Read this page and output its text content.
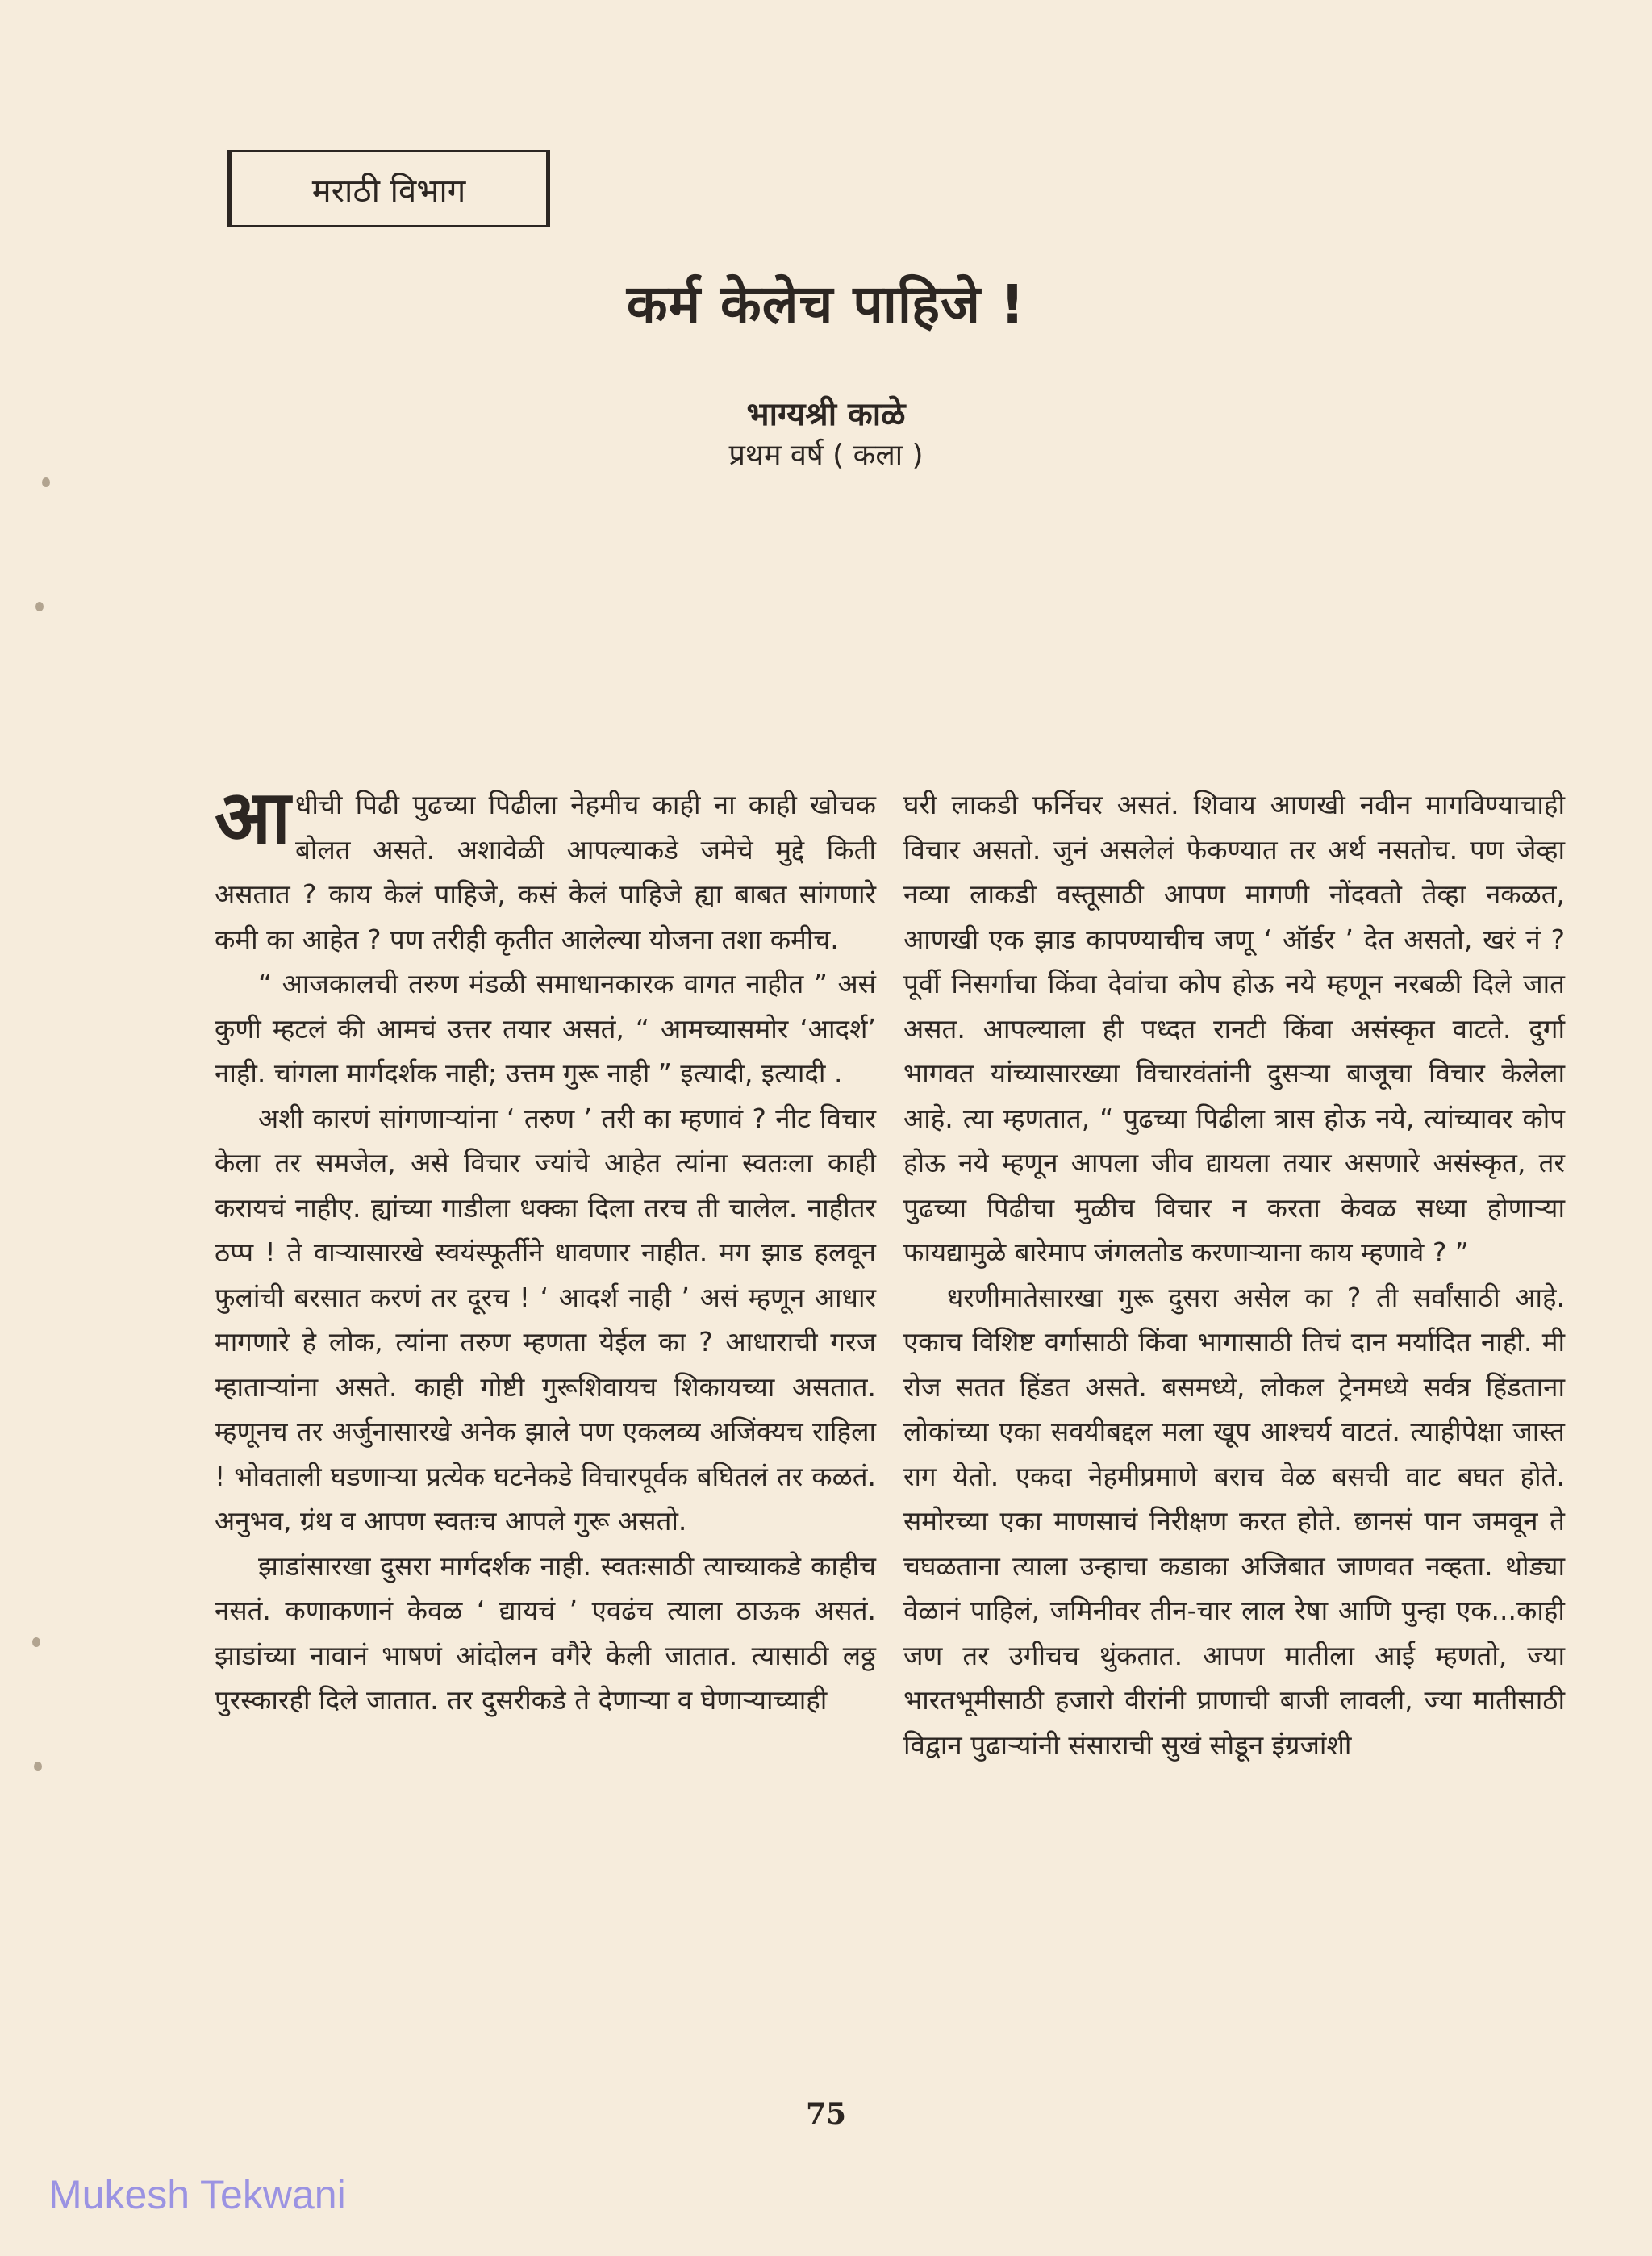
मराठी विभाग
कर्म केलेच पाहिजे !
भाग्यश्री काळे
प्रथम वर्ष ( कला )

आधीची पिढी पुढच्या पिढीला नेहमीच काही ना काही खोचक बोलत असते. अशावेळी आपल्याकडे जमेचे मुद्दे किती असतात ? काय केलं पाहिजे, कसं केलं पाहिजे ह्या बाबत सांगणारे कमी का आहेत ? पण तरीही कृतीत आलेल्या योजना तशा कमीच.

“ आजकालची तरुण मंडळी समाधानकारक वागत नाहीत ” असं कुणी म्हटलं की आमचं उत्तर तयार असतं, “ आमच्यासमोर ‘आदर्श’ नाही. चांगला मार्गदर्शक नाही; उत्तम गुरू नाही ” इत्यादी, इत्यादी .

अशी कारणं सांगणाऱ्यांना ‘ तरुण ’ तरी का म्हणावं ? नीट विचार केला तर समजेल, असे विचार ज्यांचे आहेत त्यांना स्वतःला काही करायचं नाहीए. ह्यांच्या गाडीला धक्का दिला तरच ती चालेल. नाहीतर ठप्प ! ते वाऱ्यासारखे स्वयंस्फूर्तीने धावणार नाहीत. मग झाड हलवून फुलांची बरसात करणं तर दूरच ! ‘ आदर्श नाही ’ असं म्हणून आधार मागणारे हे लोक, त्यांना तरुण म्हणता येईल का ? आधाराची गरज म्हाताऱ्यांना असते. काही गोष्टी गुरूशिवायच शिकायच्या असतात. म्हणूनच तर अर्जुनासारखे अनेक झाले पण एकलव्य अजिंक्यच राहिला ! भोवताली घडणाऱ्या प्रत्येक घटनेकडे विचारपूर्वक बघितलं तर कळतं. अनुभव, ग्रंथ व आपण स्वतःच आपले गुरू असतो.

झाडांसारखा दुसरा मार्गदर्शक नाही. स्वतःसाठी त्याच्याकडे काहीच नसतं. कणाकणानं केवळ ‘ द्यायचं ’ एवढंच त्याला ठाऊक असतं. झाडांच्या नावानं भाषणं आंदोलन वगैरे केली जातात. त्यासाठी लठ्ठ पुरस्कारही दिले जातात. तर दुसरीकडे ते देणाऱ्या व घेणाऱ्याच्याही

घरी लाकडी फर्निचर असतं. शिवाय आणखी नवीन मागविण्याचाही विचार असतो. जुनं असलेलं फेकण्यात तर अर्थ नसतोच. पण जेव्हा नव्या लाकडी वस्तूसाठी आपण मागणी नोंदवतो तेव्हा नकळत, आणखी एक झाड कापण्याचीच जणू ‘ ऑर्डर ’ देत असतो, खरं नं ? पूर्वी निसर्गाचा किंवा देवांचा कोप होऊ नये म्हणून नरबळी दिले जात असत. आपल्याला ही पध्दत रानटी किंवा असंस्कृत वाटते. दुर्गा भागवत यांच्यासारख्या विचारवंतांनी दुसऱ्या बाजूचा विचार केलेला आहे. त्या म्हणतात, “ पुढच्या पिढीला त्रास होऊ नये, त्यांच्यावर कोप होऊ नये म्हणून आपला जीव द्यायला तयार असणारे असंस्कृत, तर पुढच्या पिढीचा मुळीच विचार न करता केवळ सध्या होणाऱ्या फायद्यामुळे बारेमाप जंगलतोड करणाऱ्याना काय म्हणावे ? ”

धरणीमातेसारखा गुरू दुसरा असेल का ? ती सर्वांसाठी आहे. एकाच विशिष्ट वर्गासाठी किंवा भागासाठी तिचं दान मर्यादित नाही. मी रोज सतत हिंडत असते. बसमध्ये, लोकल ट्रेनमध्ये सर्वत्र हिंडताना लोकांच्या एका सवयीबद्दल मला खूप आश्चर्य वाटतं. त्याहीपेक्षा जास्त राग येतो. एकदा नेहमीप्रमाणे बराच वेळ बसची वाट बघत होते. समोरच्या एका माणसाचं निरीक्षण करत होते. छानसं पान जमवून ते चघळताना त्याला उन्हाचा कडाका अजिबात जाणवत नव्हता. थोड्या वेळानं पाहिलं, जमिनीवर तीन-चार लाल रेषा आणि पुन्हा एक...काही जण तर उगीचच थुंकतात. आपण मातीला आई म्हणतो, ज्या भारतभूमीसाठी हजारो वीरांनी प्राणाची बाजी लावली, ज्या मातीसाठी विद्वान पुढाऱ्यांनी संसाराची सुखं सोडून इंग्रजांशी

75
Mukesh Tekwani
